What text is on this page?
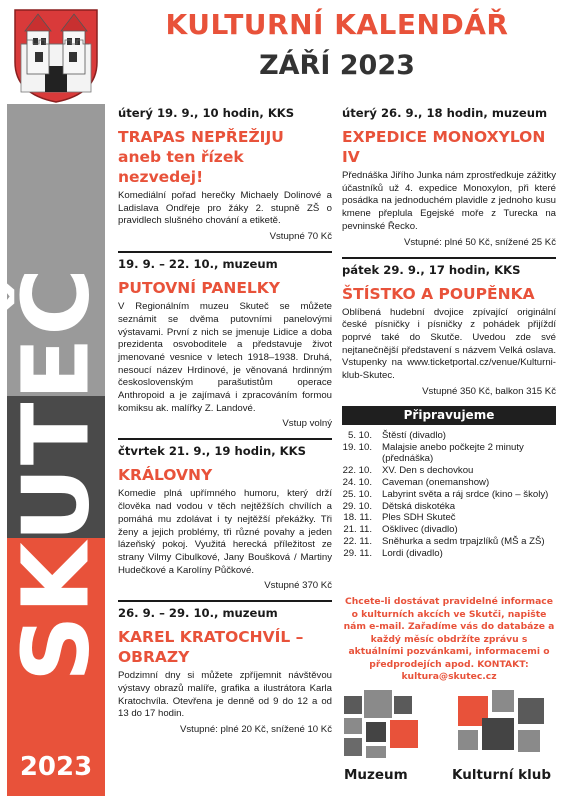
SKUTEČ
2023
KULTURNÍ KALENDÁŘ
ZÁŘÍ 2023
úterý 19. 9., 10 hodin, KKS
TRAPAS NEPŘEŽIJU
aneb ten řízek nezvedej!
Komediální pořad herečky Michaely Dolinové a Ladislava Ondřeje pro žáky 2. stupně ZŠ o pravidlech slušného chování a etiketě.
Vstupné 70 Kč
19. 9. – 22. 10., muzeum
PUTOVNÍ PANELKY
V Regionálním muzeu Skuteč se můžete seznámit se dvěma putovními panelovými výstavami. První z nich se jmenuje Lidice a doba prezidenta osvoboditele a představuje život jmenované vesnice v letech 1918–1938. Druhá, nesoucí název Hrdinové, je věnovaná hrdinným československým parašutistům operace Anthropoid a je zajímavá i zpracováním formou komiksu ak. malířky Z. Landové.
Vstup volný
čtvrtek 21. 9., 19 hodin, KKS
KRÁLOVNY
Komedie plná upřímného humoru, který drží člověka nad vodou v těch nejtěžších chvílích a pomáhá mu zdolávat i ty nejtěžší překážky. Tři ženy a jejich problémy, tři různé povahy a jeden lázeňský pokoj. Využitá herecká příležitost ze strany Vilmy Cibulkové, Jany Boušková / Martiny Hudečkové a Karolíny Půčkové.
Vstupné 370 Kč
26. 9. – 29. 10., muzeum
KAREL KRATOCHVÍL –
OBRAZY
Podzimní dny si můžete zpříjemnit návštěvou výstavy obrazů malíře, grafika a ilustrátora Karla Kratochvíla. Otevřena je denně od 9 do 12 a od 13 do 17 hodin.
Vstupné: plné 20 Kč, snížené 10 Kč
úterý 26. 9., 18 hodin, muzeum
EXPEDICE MONOXYLON IV
Přednáška Jiřího Junka nám zprostředkuje zážitky účastníků už 4. expedice Monoxylon, při které posádka na jednoduchém plavidle z jednoho kusu kmene přeplula Egejské moře z Turecka na pevninské Řecko.
Vstupné: plné 50 Kč, snížené 25 Kč
pátek 29. 9., 17 hodin, KKS
ŠTÍSTKO A POUPĚNKA
Oblíbená hudební dvojice zpívající originální české písničky i písničky z pohádek přijíždí poprvé také do Skutče. Uvedou zde své nejtanečnější představení s názvem Velká oslava. Vstupenky na www.ticketportal.cz/venue/Kulturni-klub-Skutec.
Vstupné 350 Kč, balkon 315 Kč
Připravujeme
5. 10.	Štěstí (divadlo)
19. 10.	Malajsie anebo počkejte 2 minuty (přednáška)
22. 10.	XV. Den s dechovkou
24. 10.	Caveman (onemanshow)
25. 10.	Labyrint světa a ráj srdce (kino – školy)
29. 10.	Dětská diskotéka
18. 11.	Ples SDH Skuteč
21. 11.	Ošklivec (divadlo)
22. 11.	Sněhurka a sedm trpajzlíků (MŠ a ZŠ)
29. 11.	Lordi (divadlo)
Chcete-li dostávat pravidelné informace o kulturních akcích ve Skutči, napište nám e-mail. Zařadíme vás do databáze a každý měsíc obdržíte zprávu s aktuálními pozvánkami, informacemi o předprodejích apod. KONTAKT: kultura@skutec.cz
Muzeum	Kulturní klub
